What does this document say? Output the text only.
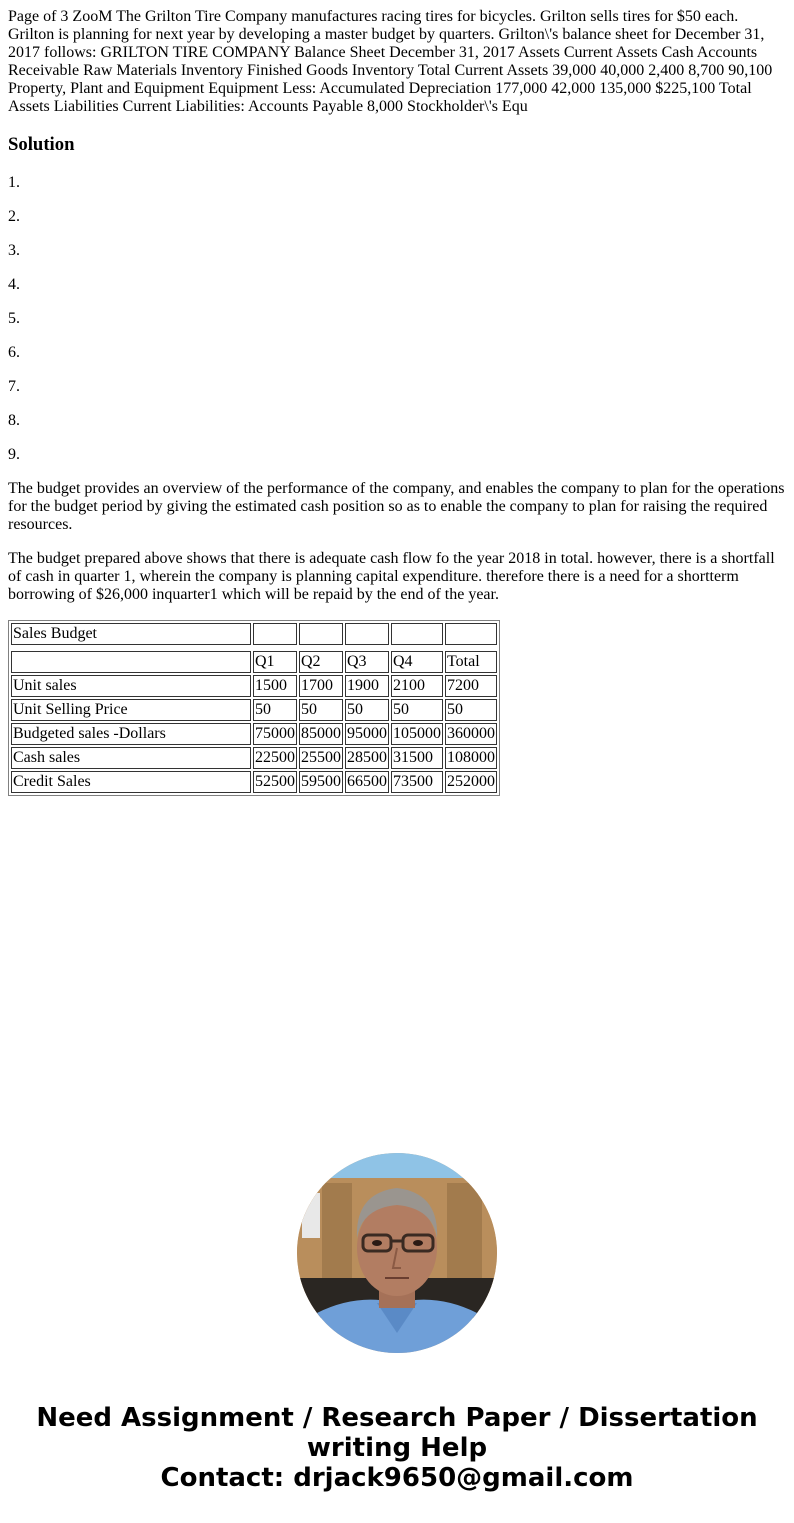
Page of 3 ZooM The Grilton Tire Company manufactures racing tires for bicycles. Grilton sells tires for $50 each. Grilton is planning for next year by developing a master budget by quarters. Grilton\'s balance sheet for December 31, 2017 follows: GRILTON TIRE COMPANY Balance Sheet December 31, 2017 Assets Current Assets Cash Accounts Receivable Raw Materials Inventory Finished Goods Inventory Total Current Assets 39,000 40,000 2,400 8,700 90,100 Property, Plant and Equipment Equipment Less: Accumulated Depreciation 177,000 42,000 135,000 $225,100 Total Assets Liabilities Current Liabilities: Accounts Payable 8,000 Stockholder\'s Equ

Solution

1.

2.

3.

4.

5.

6.

7.

8.

9.

The budget provides an overview of the performance of the company, and enables the company to plan for the operations for the budget period by giving the estimated cash position so as to enable the company to plan for raising the required resources.

The budget prepared above shows that there is adequate cash flow fo the year 2018 in total. however, there is a shortfall of cash in quarter 1, wherein the company is planning capital expenditure. therefore there is a need for a shortterm borrowing of $26,000 inquarter1 which will be repaid by the end of the year.

Sales Budget					
	Q1	Q2	Q3	Q4	Total
Unit sales	1500	1700	1900	2100	7200
Unit Selling Price	50	50	50	50	50
Budgeted sales -Dollars	75000	85000	95000	105000	360000
Cash sales	22500	25500	28500	31500	108000
Credit Sales	52500	59500	66500	73500	252000
Need Assignment / Research Paper / Dissertation
writing Help
Contact: drjack9650@gmail.com
